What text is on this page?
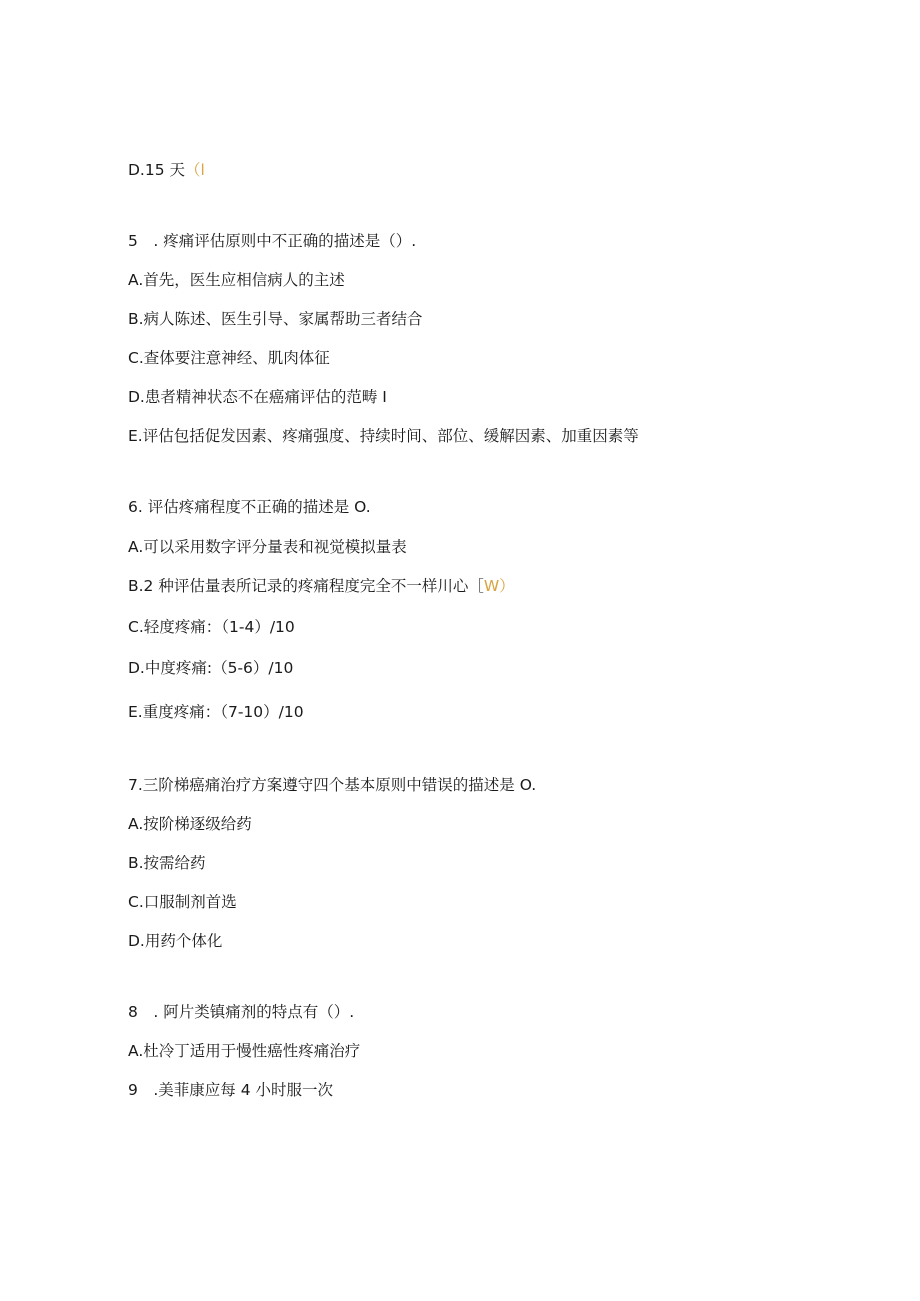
D.15 天（l
5　. 疼痛评估原则中不正确的描述是（）.
A.首先，医生应相信病人的主述
B.病人陈述、医生引导、家属帮助三者结合
C.查体要注意神经、肌肉体征
D.患者精神状态不在癌痛评估的范畴 I
E.评估包括促发因素、疼痛强度、持续时间、部位、缓解因素、加重因素等
6. 评估疼痛程度不正确的描述是 O.
A.可以采用数字评分量表和视觉模拟量表
B.2 种评估量表所记录的疼痛程度完全不一样川心［W）
C.轻度疼痛：（1-4）/10
D.中度疼痛:（5-6）/10
E.重度疼痛：（7-10）/10
7.三阶梯癌痛治疗方案遵守四个基本原则中错误的描述是 O.
A.按阶梯逐级给药
B.按需给药
C.口服制剂首选
D.用药个体化
8　. 阿片类镇痛剂的特点有（）.
A.杜冷丁适用于慢性癌性疼痛治疗
9　.美菲康应每 4 小时服一次
